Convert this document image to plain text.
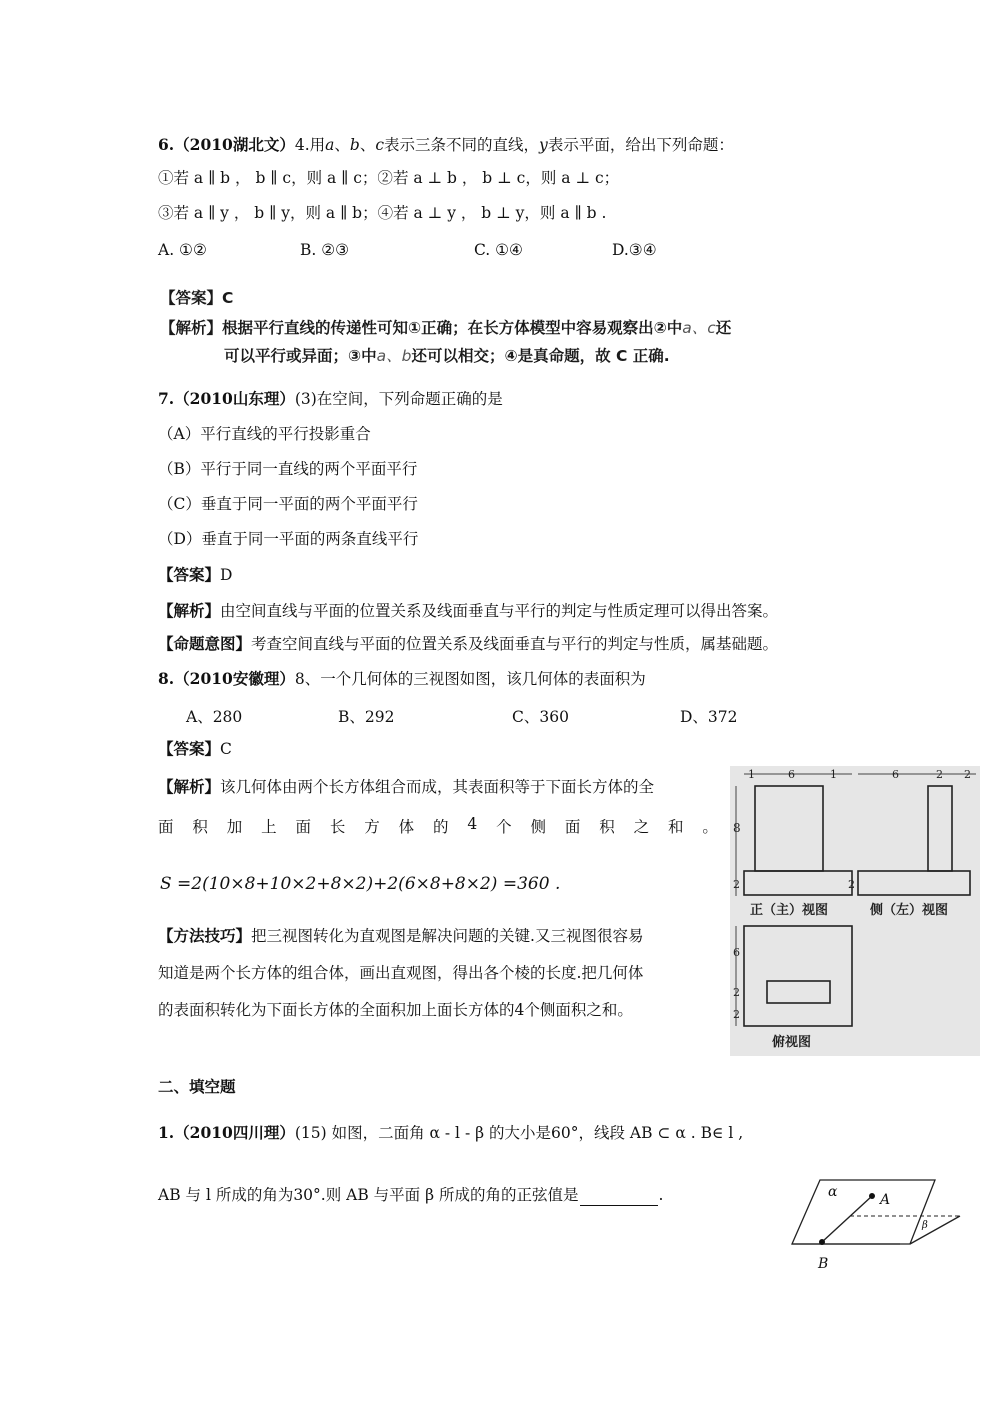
6.（2010湖北文）4.用a、b、c表示三条不同的直线，y表示平面，给出下列命题：
①若 a ∥ b ， b ∥ c，则 a ∥ c；②若 a ⊥ b ， b ⊥ c，则 a ⊥ c；
③若 a ∥ y ， b ∥ y，则 a ∥ b；④若 a ⊥ y ， b ⊥ y，则 a ∥ b .
A. ①②	B. ②③	C. ①④	D.③④
【答案】C
【解析】根据平行直线的传递性可知①正确；在长方体模型中容易观察出②中a、c还
可以平行或异面；③中a、b还可以相交；④是真命题，故 C 正确.
7.（2010山东理）(3)在空间，下列命题正确的是
（A）平行直线的平行投影重合
（B）平行于同一直线的两个平面平行
（C）垂直于同一平面的两个平面平行
（D）垂直于同一平面的两条直线平行
【答案】D
【解析】由空间直线与平面的位置关系及线面垂直与平行的判定与性质定理可以得出答案。
【命题意图】考查空间直线与平面的位置关系及线面垂直与平行的判定与性质，属基础题。
8.（2010安徽理）8、一个几何体的三视图如图，该几何体的表面积为
A、280	B、292	C、360	D、372
【答案】C
【解析】该几何体由两个长方体组合而成，其表面积等于下面长方体的全
面 积 加 上 面 长 方 体 的 4 个 侧 面 积 之 和 。
S =2(10×8+10×2+8×2)+2(6×8+8×2) =360 .
【方法技巧】把三视图转化为直观图是解决问题的关键.又三视图很容易
知道是两个长方体的组合体，画出直观图，得出各个棱的长度.把几何体
的表面积转化为下面长方体的全面积加上面长方体的4个侧面积之和。
1	6	1
8
2
正（主）视图
6	2 2
2
侧（左）视图
6
2
2
俯视图
二、填空题
1.（2010四川理）(15) 如图，二面角 α - l - β 的大小是60°，线段 AB ⊂ α . B∈ l ,
AB 与 l 所成的角为30°.则 AB 与平面 β 所成的角的正弦值是	.	α
β
A
B
